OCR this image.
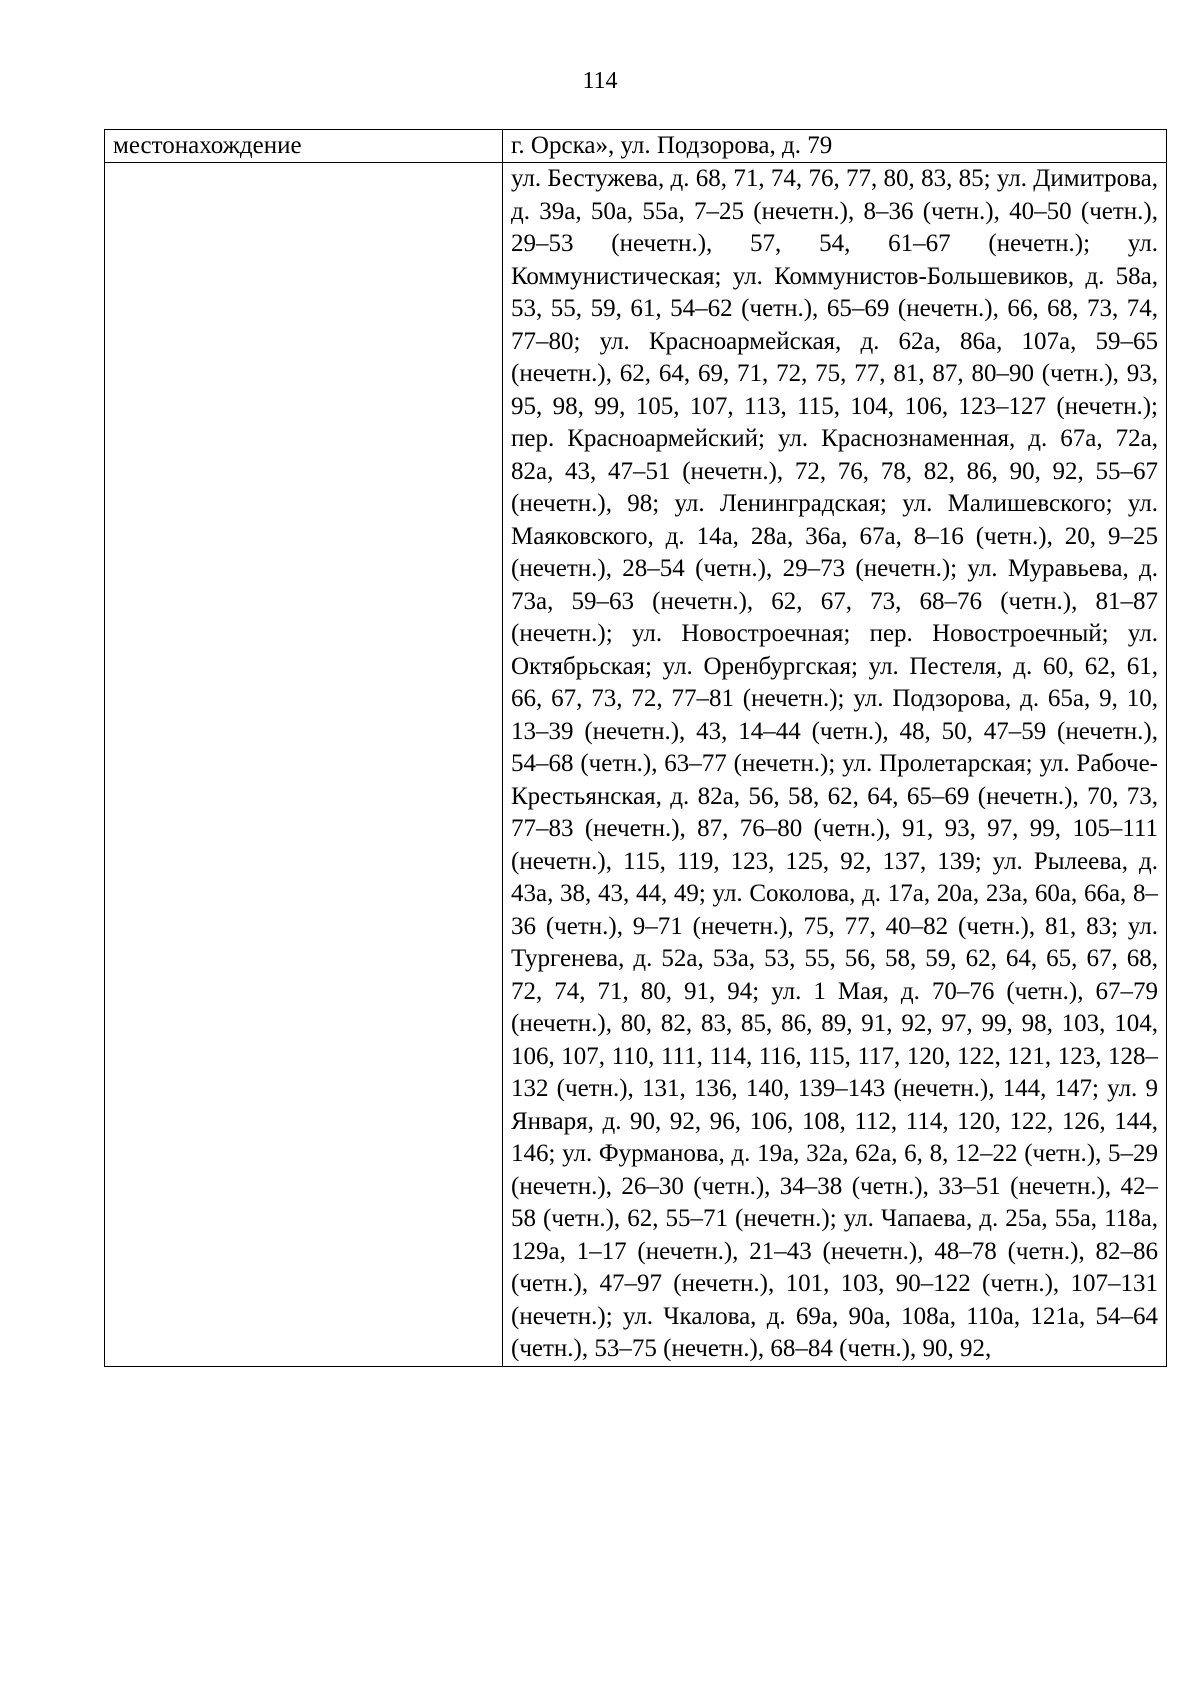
114
местонахождение	г. Орска», ул. Подзорова, д. 79
	ул. Бестужева, д. 68, 71, 74, 76, 77, 80, 83, 85; ул. Димитрова, д. 39а, 50а, 55а, 7–25 (нечетн.), 8–36 (четн.), 40–50 (четн.), 29–53 (нечетн.), 57, 54, 61–67 (нечетн.); ул. Коммунистическая; ул. Коммунистов-Большевиков, д. 58а, 53, 55, 59, 61, 54–62 (четн.), 65–69 (нечетн.), 66, 68, 73, 74, 77–80; ул. Красноармейская, д. 62а, 86а, 107а, 59–65 (нечетн.), 62, 64, 69, 71, 72, 75, 77, 81, 87, 80–90 (четн.), 93, 95, 98, 99, 105, 107, 113, 115, 104, 106, 123–127 (нечетн.); пер. Красноармейский; ул. Краснознаменная, д. 67а, 72а, 82а, 43, 47–51 (нечетн.), 72, 76, 78, 82, 86, 90, 92, 55–67 (нечетн.), 98; ул. Ленинградская; ул. Малишевского; ул. Маяковского, д. 14а, 28а, 36а, 67а, 8–16 (четн.), 20, 9–25 (нечетн.), 28–54 (четн.), 29–73 (нечетн.); ул. Муравьева, д. 73а, 59–63 (нечетн.), 62, 67, 73, 68–76 (четн.), 81–87 (нечетн.); ул. Новостроечная; пер. Новостроечный; ул. Октябрьская; ул. Оренбургская; ул. Пестеля, д. 60, 62, 61, 66, 67, 73, 72, 77–81 (нечетн.); ул. Подзорова, д. 65а, 9, 10, 13–39 (нечетн.), 43, 14–44 (четн.), 48, 50, 47–59 (нечетн.), 54–68 (четн.), 63–77 (нечетн.); ул. Пролетарская; ул. Рабоче-Крестьянская, д. 82а, 56, 58, 62, 64, 65–69 (нечетн.), 70, 73, 77–83 (нечетн.), 87, 76–80 (четн.), 91, 93, 97, 99, 105–111 (нечетн.), 115, 119, 123, 125, 92, 137, 139; ул. Рылеева, д. 43а, 38, 43, 44, 49; ул. Соколова, д. 17а, 20а, 23а, 60а, 66а, 8–36 (четн.), 9–71 (нечетн.), 75, 77, 40–82 (четн.), 81, 83; ул. Тургенева, д. 52а, 53а, 53, 55, 56, 58, 59, 62, 64, 65, 67, 68, 72, 74, 71, 80, 91, 94; ул. 1 Мая, д. 70–76 (четн.), 67–79 (нечетн.), 80, 82, 83, 85, 86, 89, 91, 92, 97, 99, 98, 103, 104, 106, 107, 110, 111, 114, 116, 115, 117, 120, 122, 121, 123, 128–132 (четн.), 131, 136, 140, 139–143 (нечетн.), 144, 147; ул. 9 Января, д. 90, 92, 96, 106, 108, 112, 114, 120, 122, 126, 144, 146; ул. Фурманова, д. 19а, 32а, 62а, 6, 8, 12–22 (четн.), 5–29 (нечетн.), 26–30 (четн.), 34–38 (четн.), 33–51 (нечетн.), 42–58 (четн.), 62, 55–71 (нечетн.); ул. Чапаева, д. 25а, 55а, 118а, 129а, 1–17 (нечетн.), 21–43 (нечетн.), 48–78 (четн.), 82–86 (четн.), 47–97 (нечетн.), 101, 103, 90–122 (четн.), 107–131 (нечетн.); ул. Чкалова, д. 69а, 90а, 108а, 110а, 121а, 54–64 (четн.), 53–75 (нечетн.), 68–84 (четн.), 90, 92,
